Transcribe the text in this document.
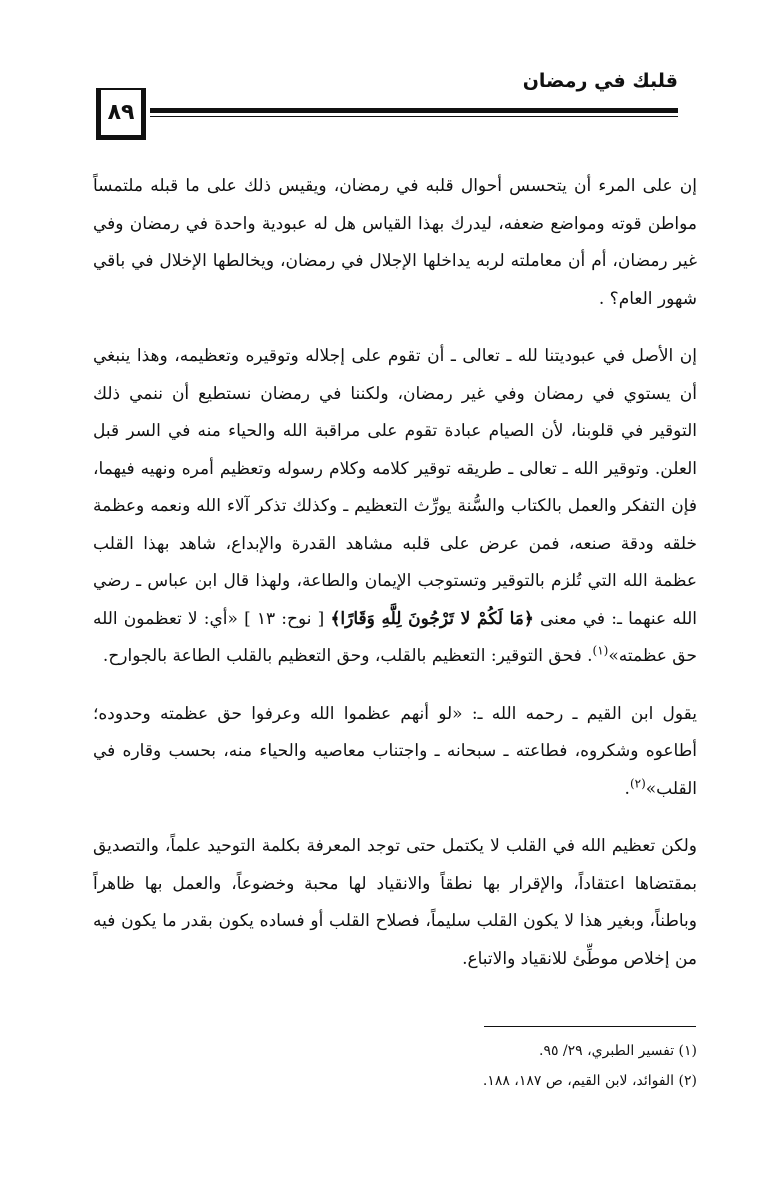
قلبك في رمضان
٨٩

إن على المرء أن يتحسس أحوال قلبه في رمضان، ويقيس ذلك على ما قبله ملتمساً مواطن قوته ومواضع ضعفه، ليدرك بهذا القياس هل له عبودية واحدة في رمضان وفي غير رمضان، أم أن معاملته لربه يداخلها الإجلال في رمضان، ويخالطها الإخلال في باقي شهور العام؟ .

إن الأصل في عبوديتنا لله ـ تعالى ـ أن تقوم على إجلاله وتوقيره وتعظيمه، وهذا ينبغي أن يستوي في رمضان وفي غير رمضان، ولكننا في رمضان نستطيع أن ننمي ذلك التوقير في قلوبنا، لأن الصيام عبادة تقوم على مراقبة الله والحياء منه في السر قبل العلن. وتوقير الله ـ تعالى ـ طريقه توقير كلامه وكلام رسوله وتعظيم أمره ونهيه فيهما، فإن التفكر والعمل بالكتاب والسُّنة يورِّث التعظيم ـ وكذلك تذكر آلاء الله ونعمه وعظمة خلقه ودقة صنعه، فمن عرض على قلبه مشاهد القدرة والإبداع، شاهد بهذا القلب عظمة الله التي تُلزم بالتوقير وتستوجب الإيمان والطاعة، ولهذا قال ابن عباس ـ رضي الله عنهما ـ: في معنى ﴿مَا لَكُمْ لا تَرْجُونَ لِلَّهِ وَقَارًا﴾ [ نوح: ١٣ ] «أي: لا تعظمون الله حق عظمته»$^{(١)}$. فحق التوقير: التعظيم بالقلب، وحق التعظيم بالقلب الطاعة بالجوارح.

يقول ابن القيم ـ رحمه الله ـ: «لو أنهم عظموا الله وعرفوا حق عظمته وحدوده؛ أطاعوه وشكروه، فطاعته ـ سبحانه ـ واجتناب معاصيه والحياء منه، بحسب وقاره في القلب»$^{(٢)}$.

ولكن تعظيم الله في القلب لا يكتمل حتى توجد المعرفة بكلمة التوحيد علماً، والتصديق بمقتضاها اعتقاداً، والإقرار بها نطقاً والانقياد لها محبة وخضوعاً، والعمل بها ظاهراً وباطناً، وبغير هذا لا يكون القلب سليماً، فصلاح القلب أو فساده يكون بقدر ما يكون فيه من إخلاص موطِّئ للانقياد والاتباع.

(١) تفسير الطبري، ٢٩/ ٩٥.

(٢) الفوائد، لابن القيم، ص ١٨٧، ١٨٨.
